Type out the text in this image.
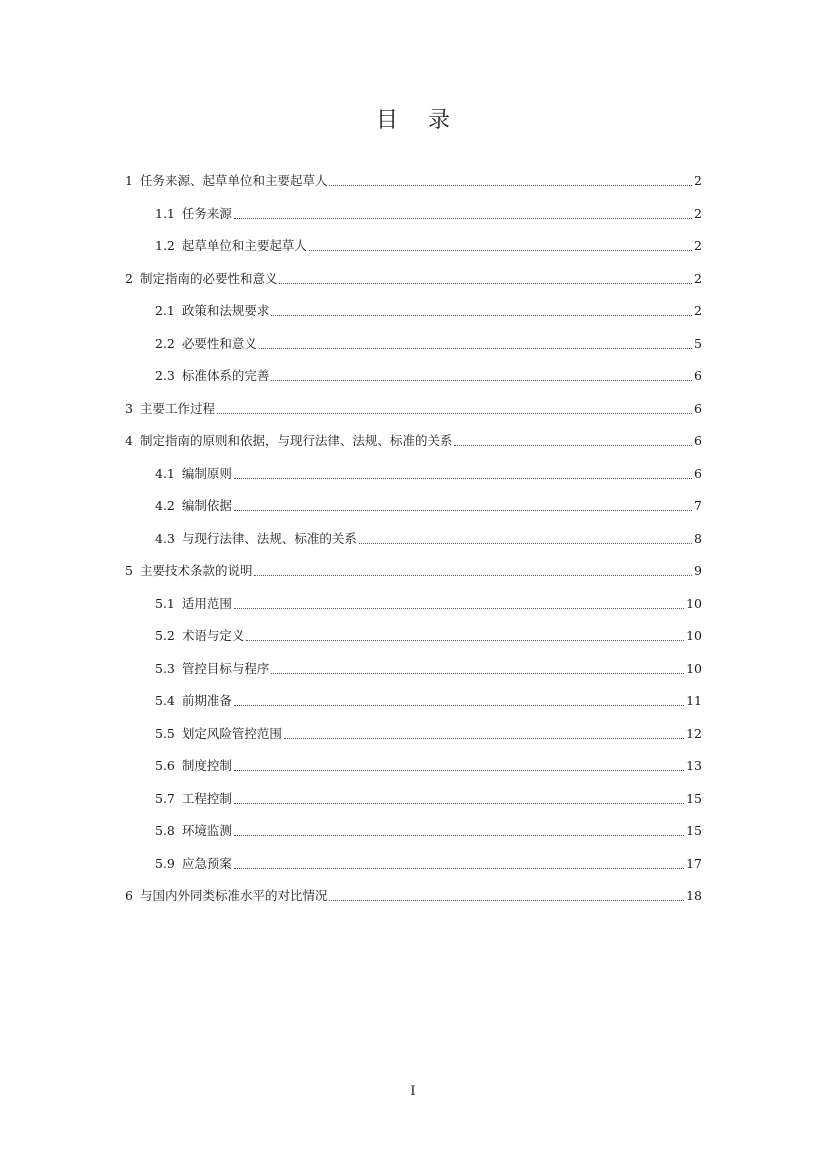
目录
1 任务来源、起草单位和主要起草人	2
1.1 任务来源	2
1.2 起草单位和主要起草人	2
2 制定指南的必要性和意义	2
2.1 政策和法规要求	2
2.2 必要性和意义	5
2.3 标准体系的完善	6
3 主要工作过程	6
4 制定指南的原则和依据，与现行法律、法规、标准的关系	6
4.1 编制原则	6
4.2 编制依据	7
4.3 与现行法律、法规、标准的关系	8
5 主要技术条款的说明	9
5.1 适用范围	10
5.2 术语与定义	10
5.3 管控目标与程序	10
5.4 前期准备	11
5.5 划定风险管控范围	12
5.6 制度控制	13
5.7 工程控制	15
5.8 环境监测	15
5.9 应急预案	17
6 与国内外同类标准水平的对比情况	18
I
